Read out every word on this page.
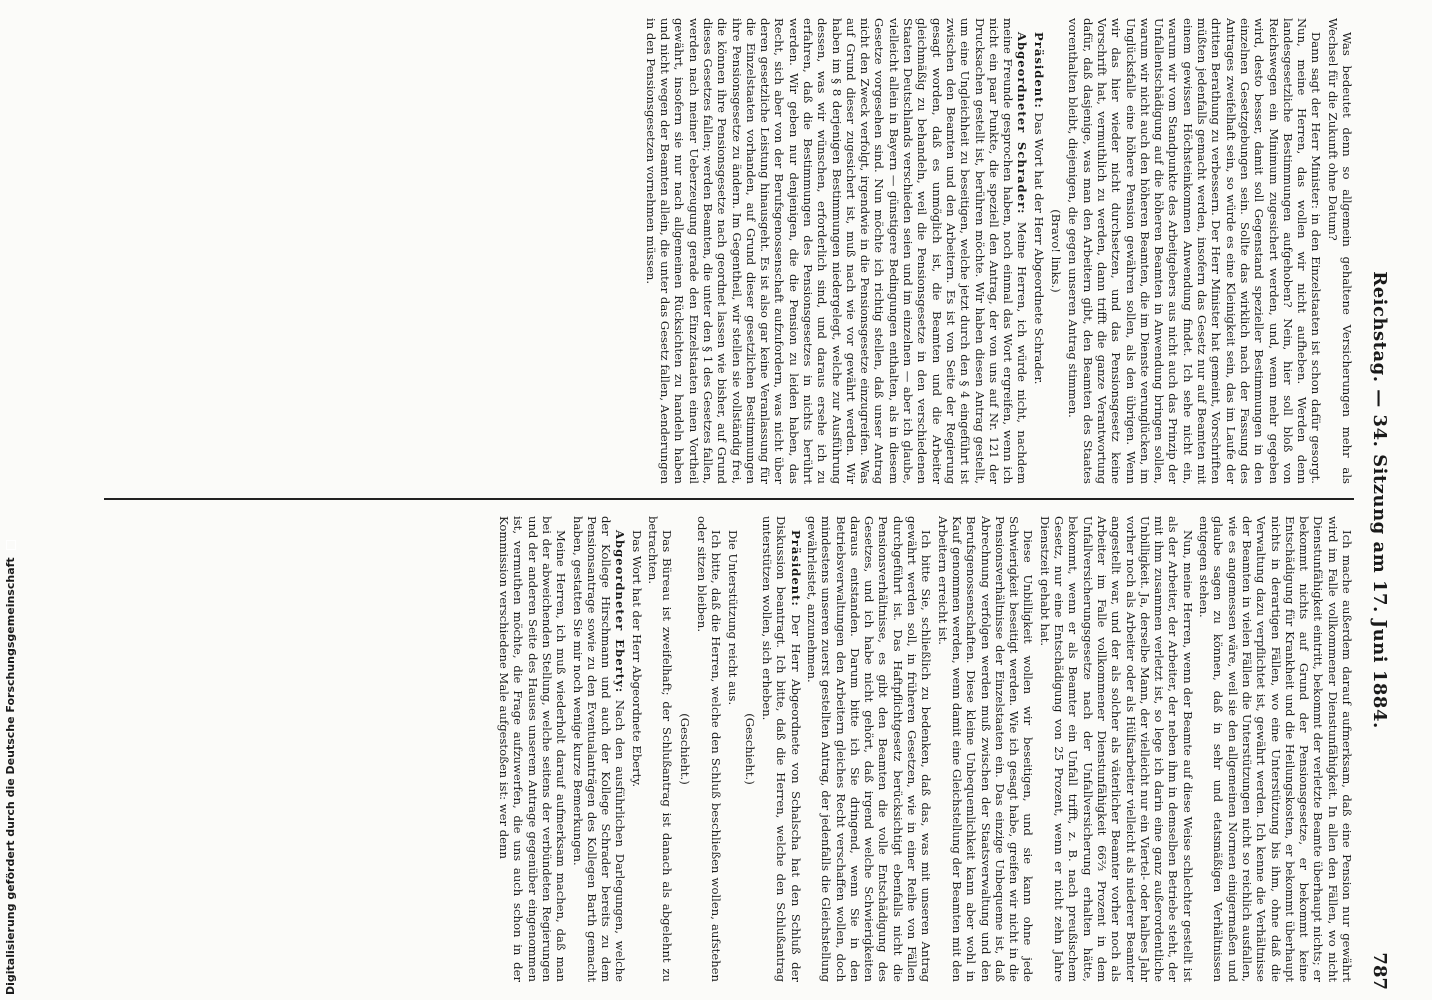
Reichstag. — 34. Sitzung am 17. Juni 1884.
787

Was bedeutet denn so allgemein gehaltene Versicherungen mehr als Wechsel für die Zukunft ohne Datum?

Dann sagt der Herr Minister: in den Einzelstaaten ist schon dafür gesorgt. Nun, meine Herren, das wollen wir nicht aufheben. Werden denn landesgesetzliche Bestimmungen aufgehoben? Nein, hier soll bloß von Reichswegen ein Minimum zugesichert werden, und, wenn mehr gegeben wird, desto besser, damit soll Gegenstand spezieller Bestimmungen in den einzelnen Gesetzgebungen sein. Sollte das wirklich nach der Fassung des Antrages zweifelhaft sein, so würde es eine Kleinigkeit sein, das im Laufe der dritten Berathung zu verbessern. Der Herr Minister hat gemeint, Vorschriften müßten jedenfalls gemacht werden, insofern das Gesetz nur auf Beamten mit einem gewissen Höchsteinkommen Anwendung findet. Ich sehe nicht ein, warum wir vom Standpunkte des Arbeitgebers aus nicht auch das Prinzip der Unfallentschädigung auf die höheren Beamten in Anwendung bringen sollen, warum wir nicht auch den höheren Beamten, die im Dienste verunglücken, im Unglücksfalle eine höhere Pension gewähren sollen, als den übrigen. Wenn wir das hier wieder nicht durchsetzen, und das Pensionsgesetz keine Vorschrift hat, vermuthlich zu werden, dann trifft die ganze Verantwortung dafür, daß dasjenige, was man den Arbeitern gibt, den Beamten des Staates vorenthalten bleibt, diejenigen, die gegen unseren Antrag stimmen.

(Bravo! links.)

Präsident: Das Wort hat der Herr Abgeordnete Schrader.

Abgeordneter Schrader: Meine Herren, ich würde nicht, nachdem meine Freunde gesprochen haben, noch einmal das Wort ergreifen, wenn ich nicht ein paar Punkte, die speziell den Antrag, der von uns auf Nr. 121 der Drucksachen gestellt ist, berühren möchte. Wir haben diesen Antrag gestellt, um eine Ungleichheit zu beseitigen, welche jetzt durch den § 4 eingeführt ist zwischen den Beamten und den Arbeitern. Es ist von Seite der Regierung gesagt worden, daß es unmöglich ist, die Beamten und die Arbeiter gleichmäßig zu behandeln, weil die Pensionsgesetze in den verschiedenen Staaten Deutschlands verschieden seien und im einzelnen — aber ich glaube, vielleicht allein in Bayern — günstigere Bedingungen enthalten, als in diesem Gesetze vorgesehen sind. Nun möchte ich richtig stellen, daß unser Antrag nicht den Zweck verfolgt, irgendwie in die Pensionsgesetze einzugreifen. Was auf Grund dieser zugesichert ist, muß nach wie vor gewährt werden. Wir haben im § 8 derjenigen Bestimmungen niedergelegt, welche zur Ausführung dessen, was wir wünschen, erforderlich sind, und daraus ersehe ich zu erfahren, daß die Bestimmungen des Pensionsgesetzes in nichts berührt werden. Wir geben nur denjenigen, die die Pension zu leiden haben, das Recht, sich aber von der Berufsgenossenschaft aufzufordern, was nicht über deren gesetzliche Leistung hinausgeht. Es ist also gar keine Veranlassung für die Einzelstaaten vorhanden, auf Grund dieser gesetzlichen Bestimmungen ihre Pensionsgesetze zu ändern. Im Gegentheil, wir stellen sie vollständig frei, die können ihre Pensionsgesetze nach geordnet lassen wie bisher, auf Grund dieses Gesetzes fallen; werden Beamten, die unter den § 1 des Gesetzes fallen, werden nach meiner Ueberzeugung gerade den Einzelstaaten einen Vortheil gewährt, insofern sie nur nach allgemeinen Rücksichten zu handeln haben und nicht wegen der Beamten allein, die unter das Gesetz fallen, Aenderungen in den Pensionsgesetzen vornehmen müssen.

Ich mache außerdem darauf aufmerksam, daß eine Pension nur gewährt wird im Falle vollkommener Dienstunfähigkeit. In allen den Fällen, wo nicht Dienstunfähigkeit eintritt, bekommt der verletzte Beamte überhaupt nichts; er bekommt nichts auf Grund der Pensionsgesetze, er bekommt keine Entschädigung für Krankheit und die Heilungskosten, er bekommt überhaupt nichts in derartigen Fällen, wo eine Unterstützung bis ihm, ohne daß die Verwaltung dazu verpflichtet ist, gewährt werden. Ich kenne die Verhältnisse der Beamten in vielen Fällen die Unterstützungen nicht so reichlich ausfallen, wie es angemessen wäre, weil sie den allgemeinen Normen einigermaßen und glaube sagen zu können, daß in sehr und etatsmäßigen Verhältnissen entgegen stehen.

Nun, meine Herren, wenn der Beamte auf diese Weise schlechter gestellt ist als der Arbeiter, der Arbeiter, der neben ihm in demselben Betriebe steht, der mit ihm zusammen verletzt ist, so lege ich darin eine ganz außerordentliche Unbilligkeit. Ja, derselbe Mann, der vielleicht nur ein Viertel- oder halbes Jahr vorher noch als Arbeiter oder als Hülfsarbeiter vielleicht als niederer Beamter angestellt war, und der als solcher als väterlicher Beamter vorher noch als Arbeiter im Falle vollkommener Dienstunfähigkeit 66⅔ Prozent in dem Unfallversicherungsgesetze nach der Unfallversicherung erhalten hätte, bekommt, wenn er als Beamter ein Unfall trifft, z. B. nach preußischem Gesetz, nur eine Entschädigung von 25 Prozent, wenn er nicht zehn Jahre Dienstzeit gehabt hat.

Diese Unbilligkeit wollen wir beseitigen, und sie kann ohne jede Schwierigkeit beseitigt werden. Wie ich gesagt habe, greifen wir nicht in die Pensionsverhältnisse der Einzelstaaten ein. Das einzige Unbequeme ist, daß Abrechnung verfolgen werden muß zwischen der Staatsverwaltung und den Berufsgenossenschaften. Diese kleine Unbequemlichkeit kann aber wohl in Kauf genommen werden, wenn damit eine Gleichstellung der Beamten mit den Arbeitern erreicht ist.

Ich bitte Sie, schließlich zu bedenken, daß das, was mit unseren Antrag gewährt werden soll, in früheren Gesetzen, wie in einer Reihe von Fällen durchgeführt ist. Das Haftpflichtgesetz berücksichtigt ebenfalls nicht die Pensionsverhältnisse, es gibt den Beamten die volle Entschädigung des Gesetzes, und ich habe nicht gehört, daß irgend welche Schwierigkeiten daraus entstanden. Darum bitte ich Sie dringend, wenn Sie in den Betriebsverwaltungen den Arbeitern gleiches Recht verschaffen wollen, doch mindestens unseren zuerst gestellten Antrag, der jedenfalls die Gleichstellung gewährleistet, anzunehmen.

Präsident: Der Herr Abgeordnete von Schalscha hat den Schluß der Diskussion beantragt. Ich bitte, daß die Herren, welche den Schlußantrag unterstützen wollen, sich erheben.

(Geschieht.)

Die Unterstützung reicht aus.

Ich bitte, daß die Herren, welche den Schluß beschließen wollen, aufstehen oder sitzen bleiben.

(Geschieht.)

Das Büreau ist zweifelhaft; der Schlußantrag ist danach als abgelehnt zu betrachten.

Das Wort hat der Herr Abgeordnete Eberty.

Abgeordneter Eberty: Nach den ausführlichen Darlegungen, welche der Kollege Hirschmann und auch der Kollege Schrader bereits zu dem Pensionsantrage sowie zu den Eventualanträgen des Kollegen Barth gemacht haben, gestatten Sie mir noch wenige kurze Bemerkungen.

Meine Herren, ich muß wiederholt darauf aufmerksam machen, daß man bei der abweichenden Stellung, welche seitens der verbündeten Regierungen und der anderen Seite des Hauses unserem Antrage gegenüber eingenommen ist, vermuthen möchte, die Frage aufzuwerfen, die uns auch schon in der Kommission verschiedene Male aufgestoßen ist: wer denn

Digitalisierung gefördert durch die Deutsche Forschungsgemeinschaft
